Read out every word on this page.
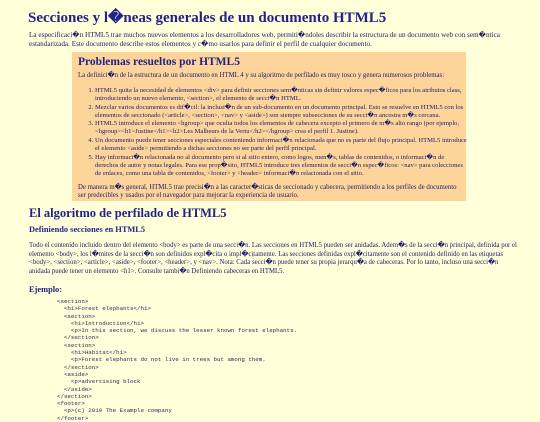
Secciones y l�neas generales de un documento HTML5

La especificaci�n HTML5 trae muchos nuevos elementos a los desarrolladores web, permiti�ndoles describir la estructura de un documento web con sem�ntica estandarizada. Este documento describe estos elementos y c�mo usarlos para definir el perfil de cualquier documento.

Problemas resueltos por HTML5

La definici�n de la estructura de un documento en HTML 4 y su algoritmo de perfilado es muy tosco y genera numerosos problemas:

1. HTML5 quita la necesidad de elementos <div> para definir secciones sem�nticas sin definir valores espec�ficos para los atributos class, introduciendo un nuevo elemento, <section>, el elemento de secci�n HTML.
2. Mezclar varios documentos es dif�cil: la inclusi�n de un sub-documento en un documento principal. Esto se resuelve en HTML5 con los elementos de seccionado (<article>, <section>, <nav> y <aside>) son siempre subsecciones de su secci�n ancestra m�s cercana.
3. HTML5 introduce el elemento <hgroup> que oculta todos los elementos de cabecera excepto el primero de m�s alto rango (por ejemplo, <hgroup><h1>Justine</h1><h2>Les Malheurs de la Vertu</h2></hgroup> crea el perfil 1. Justine).
4. Un documento puede tener secciones especiales conteniendo informaci�n relacionada que no es parte del flujo principal. HTML5 introduce el elemento <aside> permitiendo a dichas secciones no ser parte del perfil principal.
5. Hay informaci�n relacionada no al documento pero si al sitio entero, como logos, men�s, tablas de contenidos, o informaci�n de derechos de autor y notas legales. Para ese prop�sito, HTML5 introduce tres elementos de secci�n espec�ficos: <nav> para colecciones de enlaces, como una tabla de contenidos, <footer> y <header> informaci�n relacionada con el sitio.

De manera m�s general, HTML5 trae precisi�n a las caracter�sticas de seccionado y cabecera, permitiendo a los perfiles de documento ser predecibles y usados por el navegador para mejorar la experiencia de usuario.

El algoritmo de perfilado de HTML5
Definiendo secciones en HTML5

Todo el contenido incluido dentro del elemento <body> es parte de una secci�n. Las secciones en HTML5 pueden ser anidadas. Adem�s de la secci�n principal, definida por el elemento <body>, los l�mites de la secci�n son definidos expl�cita o impl�citamente. Las secciones definidas expl�citamente son el contenido definido en las etiquetas <body>, <section>, <article>, <aside>, <footer>, <header>, y <nav>. Nota: Cada secci�n puede tener su propia jerarqu�a de cabeceras. Por lo tanto, incluso una secci�n anidada puede tener un elemento <h1>. Consulte tambi�n Definiendo cabeceras en HTML5.

Ejemplo:
<section>
<h1>Forest elephants</h1>
<section>
<h1>Introduction</h1>
<p>In this section, we discuss the lesser known forest elephants.
</section>
<section>
<h1>Habitat</h1>
<p>Forest elephants do not live in trees but among them.
</section>
<aside>
<p>advertising block
</aside>
</section>
<footer>
<p>(c) 2010 The Example company
</footer>
